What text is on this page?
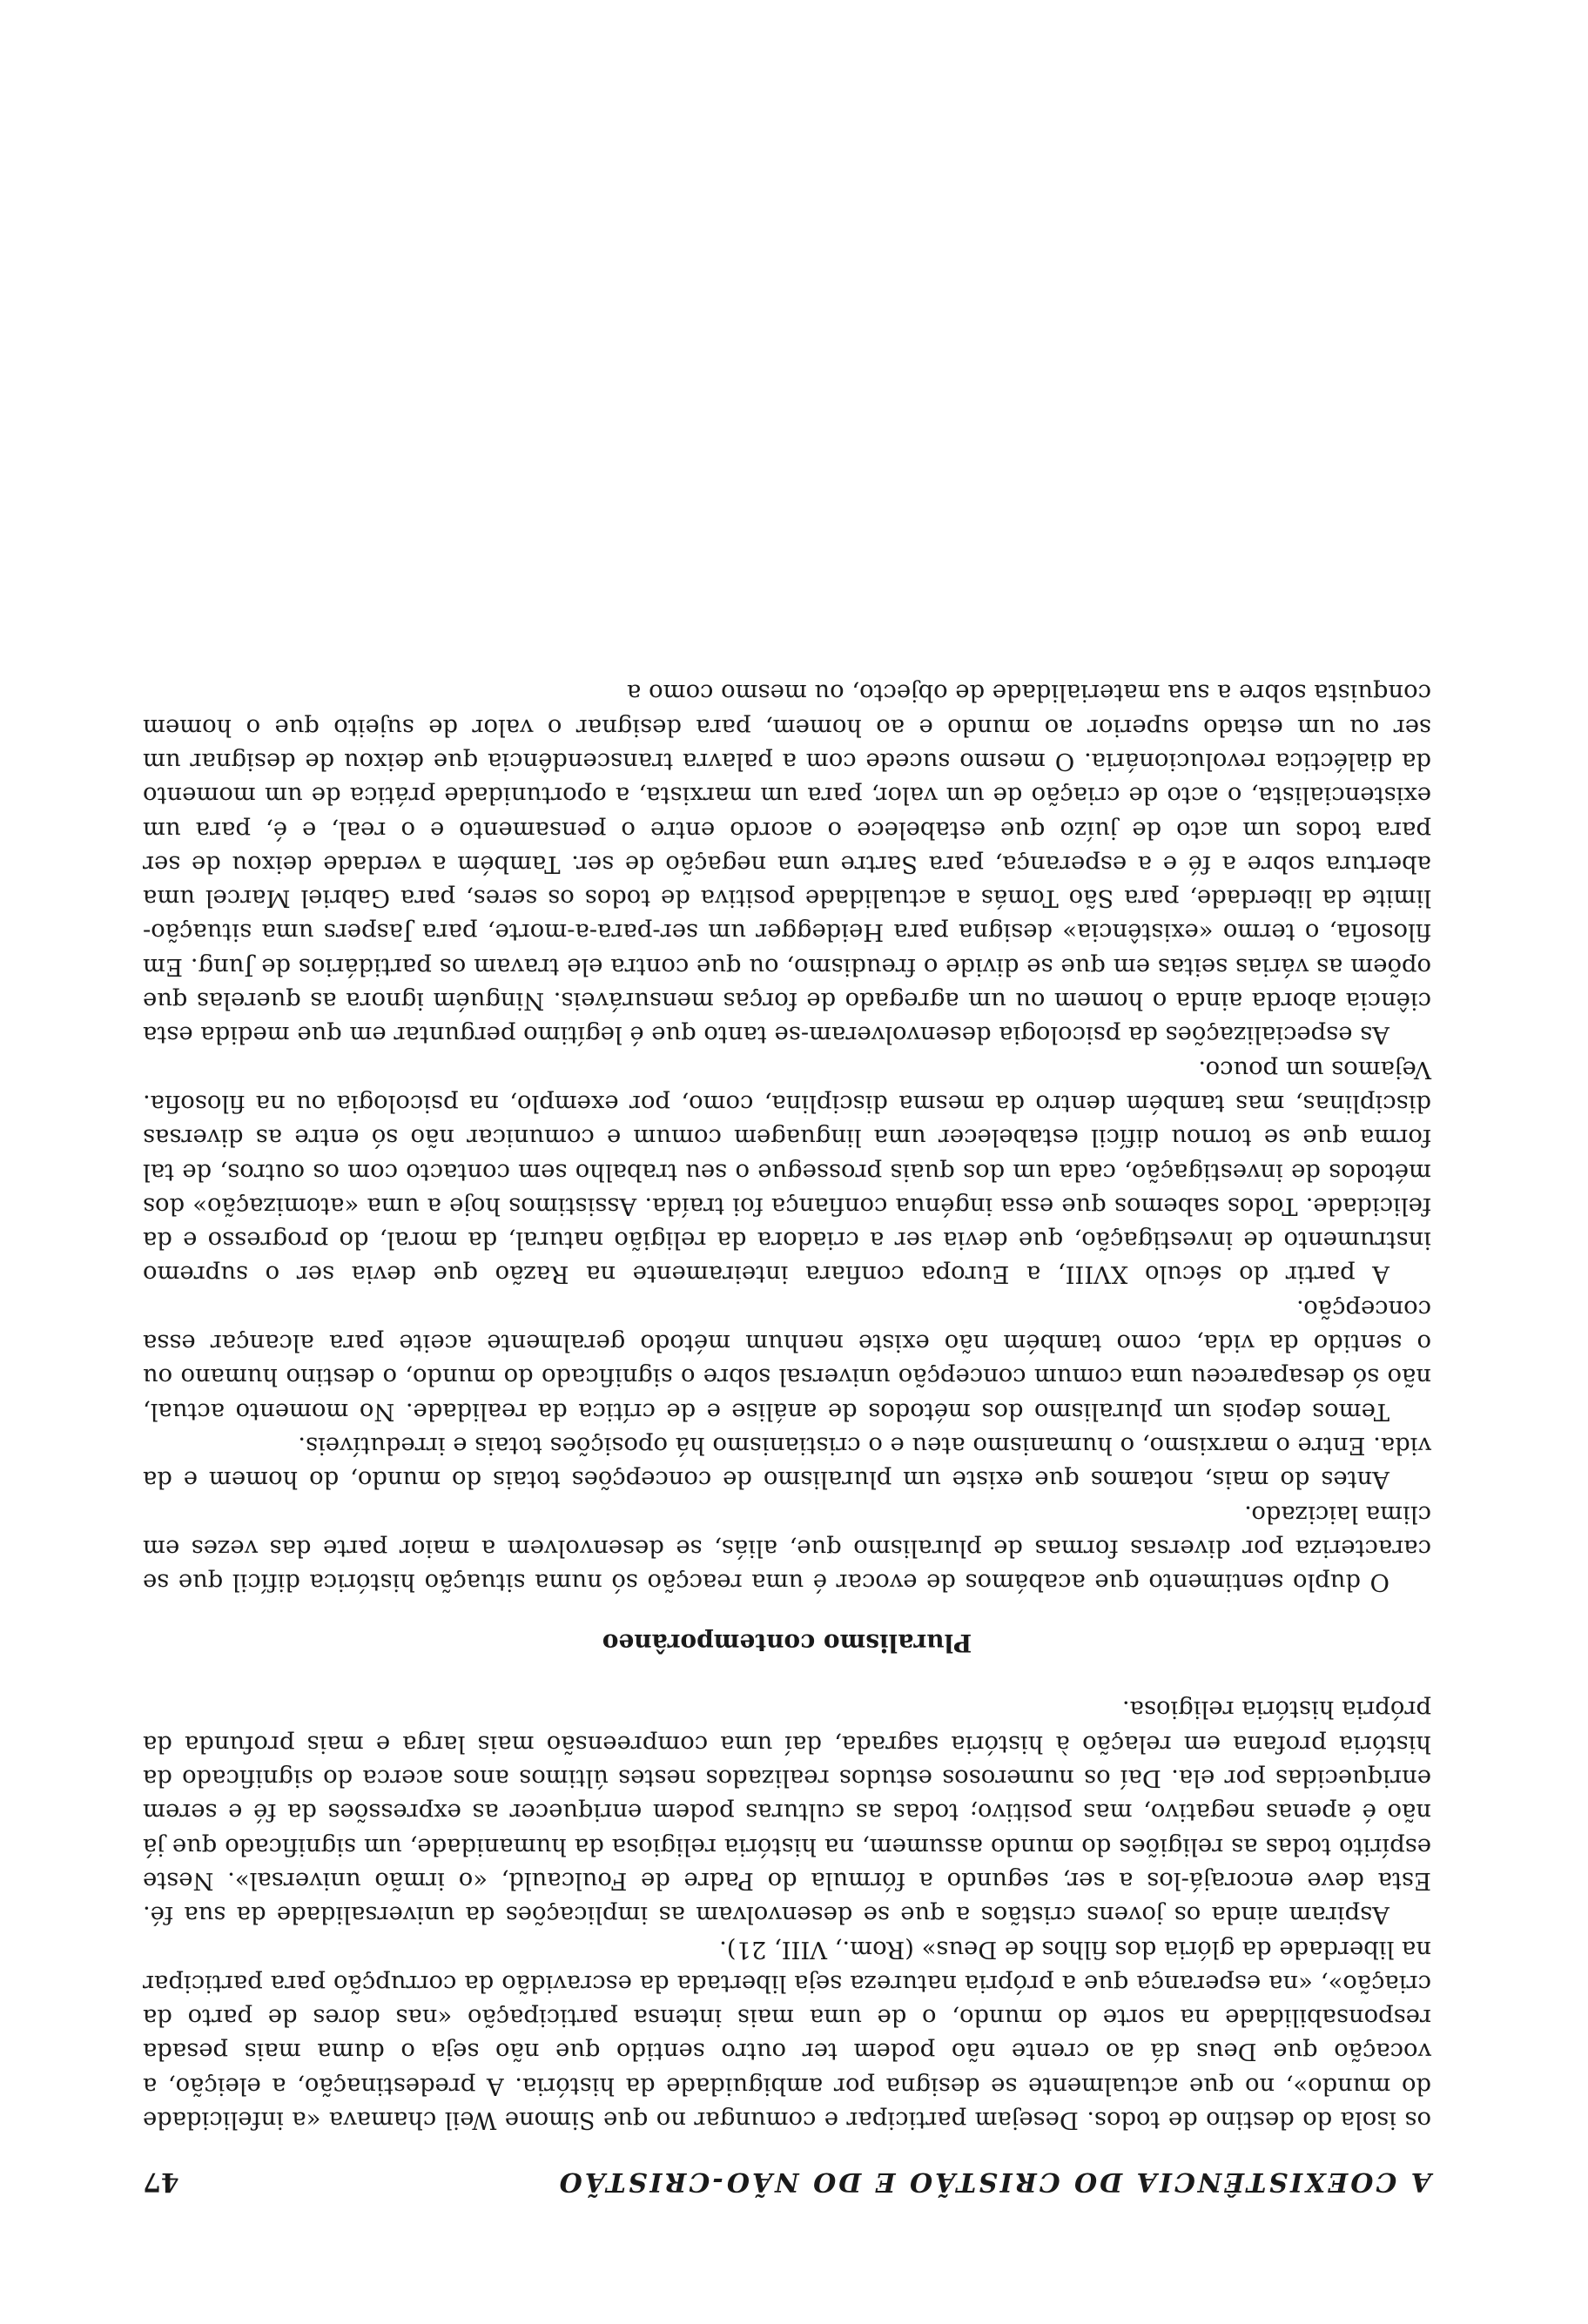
A COEXISTÊNCIA DO CRISTÃO E DO NÃO-CRISTÃO
47

os isola do destino de todos. Desejam participar e comungar no que Simone Weil chamava «a infelicidade do mundo», no que actualmente se designa por ambiguidade da história. A predestinação, a eleição, a vocação que Deus dá ao crente não podem ter outro sentido que não seja o duma mais pesada responsabilidade na sorte do mundo, o de uma mais intensa participação «nas dores de parto da criação», «na esperança que a própria natureza seja libertada da escravidão da corrupção para participar na liberdade da glória dos filhos de Deus» (Rom., VIII, 21).

Aspiram ainda os jovens cristãos a que se desenvolvam as implicações da universalidade da sua fé. Esta deve encorajá-los a ser, segundo a fórmula do Padre de Foulcauld, «o irmão universal». Neste espírito todas as religiões do mundo assumem, na história religiosa da humanidade, um significado que já não é apenas negativo, mas positivo; todas as culturas podem enriquecer as expressões da fé e serem enriquecidas por ela. Daí os numerosos estudos realizados nestes últimos anos acerca do significado da história profana em relação à história sagrada, daí uma compreensão mais larga e mais profunda da própria história religiosa.

Pluralismo contemporâneo

O duplo sentimento que acabámos de evocar é uma reacção só numa situação histórica difícil que se caracteriza por diversas formas de pluralismo que, aliás, se desenvolvem a maior parte das vezes em clima laicizado.

Antes do mais, notamos que existe um pluralismo de concepções totais do mundo, do homem e da vida. Entre o marxismo, o humanismo ateu e o cristianismo há oposições totais e irredutíveis.

Temos depois um pluralismo dos métodos de análise e de crítica da realidade. No momento actual, não só desapareceu uma comum concepção universal sobre o significado do mundo, o destino humano ou o sentido da vida, como também não existe nenhum método geralmente aceite para alcançar essa concepção.

A partir do século XVIII, a Europa confiara inteiramente na Razão que devia ser o supremo instrumento de investigação, que devia ser a criadora da religião natural, da moral, do progresso e da felicidade. Todos sabemos que essa ingénua confiança foi traída. Assistimos hoje a uma «atomização» dos métodos de investigação, cada um dos quais prossegue o seu trabalho sem contacto com os outros, de tal forma que se tornou difícil estabelecer uma linguagem comum e comunicar não só entre as diversas disciplinas, mas também dentro da mesma disciplina, como, por exemplo, na psicologia ou na filosofia. Vejamos um pouco.

As especializações da psicologia desenvolveram-se tanto que é legítimo perguntar em que medida esta ciência aborda ainda o homem ou um agregado de forças mensuráveis. Ninguém ignora as querelas que opõem as várias seitas em que se divide o freudismo, ou que contra ele travam os partidários de Jung. Em filosofia, o termo «existência» designa para Heidegger um ser-para-a-morte, para Jaspers uma situação-limite da liberdade, para São Tomás a actualidade positiva de todos os seres, para Gabriel Marcel uma abertura sobre a fé e a esperança, para Sartre uma negação de ser. Também a verdade deixou de ser para todos um acto de juízo que estabelece o acordo entre o pensamento e o real, e é, para um existencialista, o acto de criação de um valor, para um marxista, a oportunidade prática de um momento da dialéctica revolucionária. O mesmo sucede com a palavra transcendência que deixou de designar um ser ou um estado superior ao mundo e ao homem, para designar o valor de sujeito que o homem conquista sobre a sua materialidade de objecto, ou mesmo como a
